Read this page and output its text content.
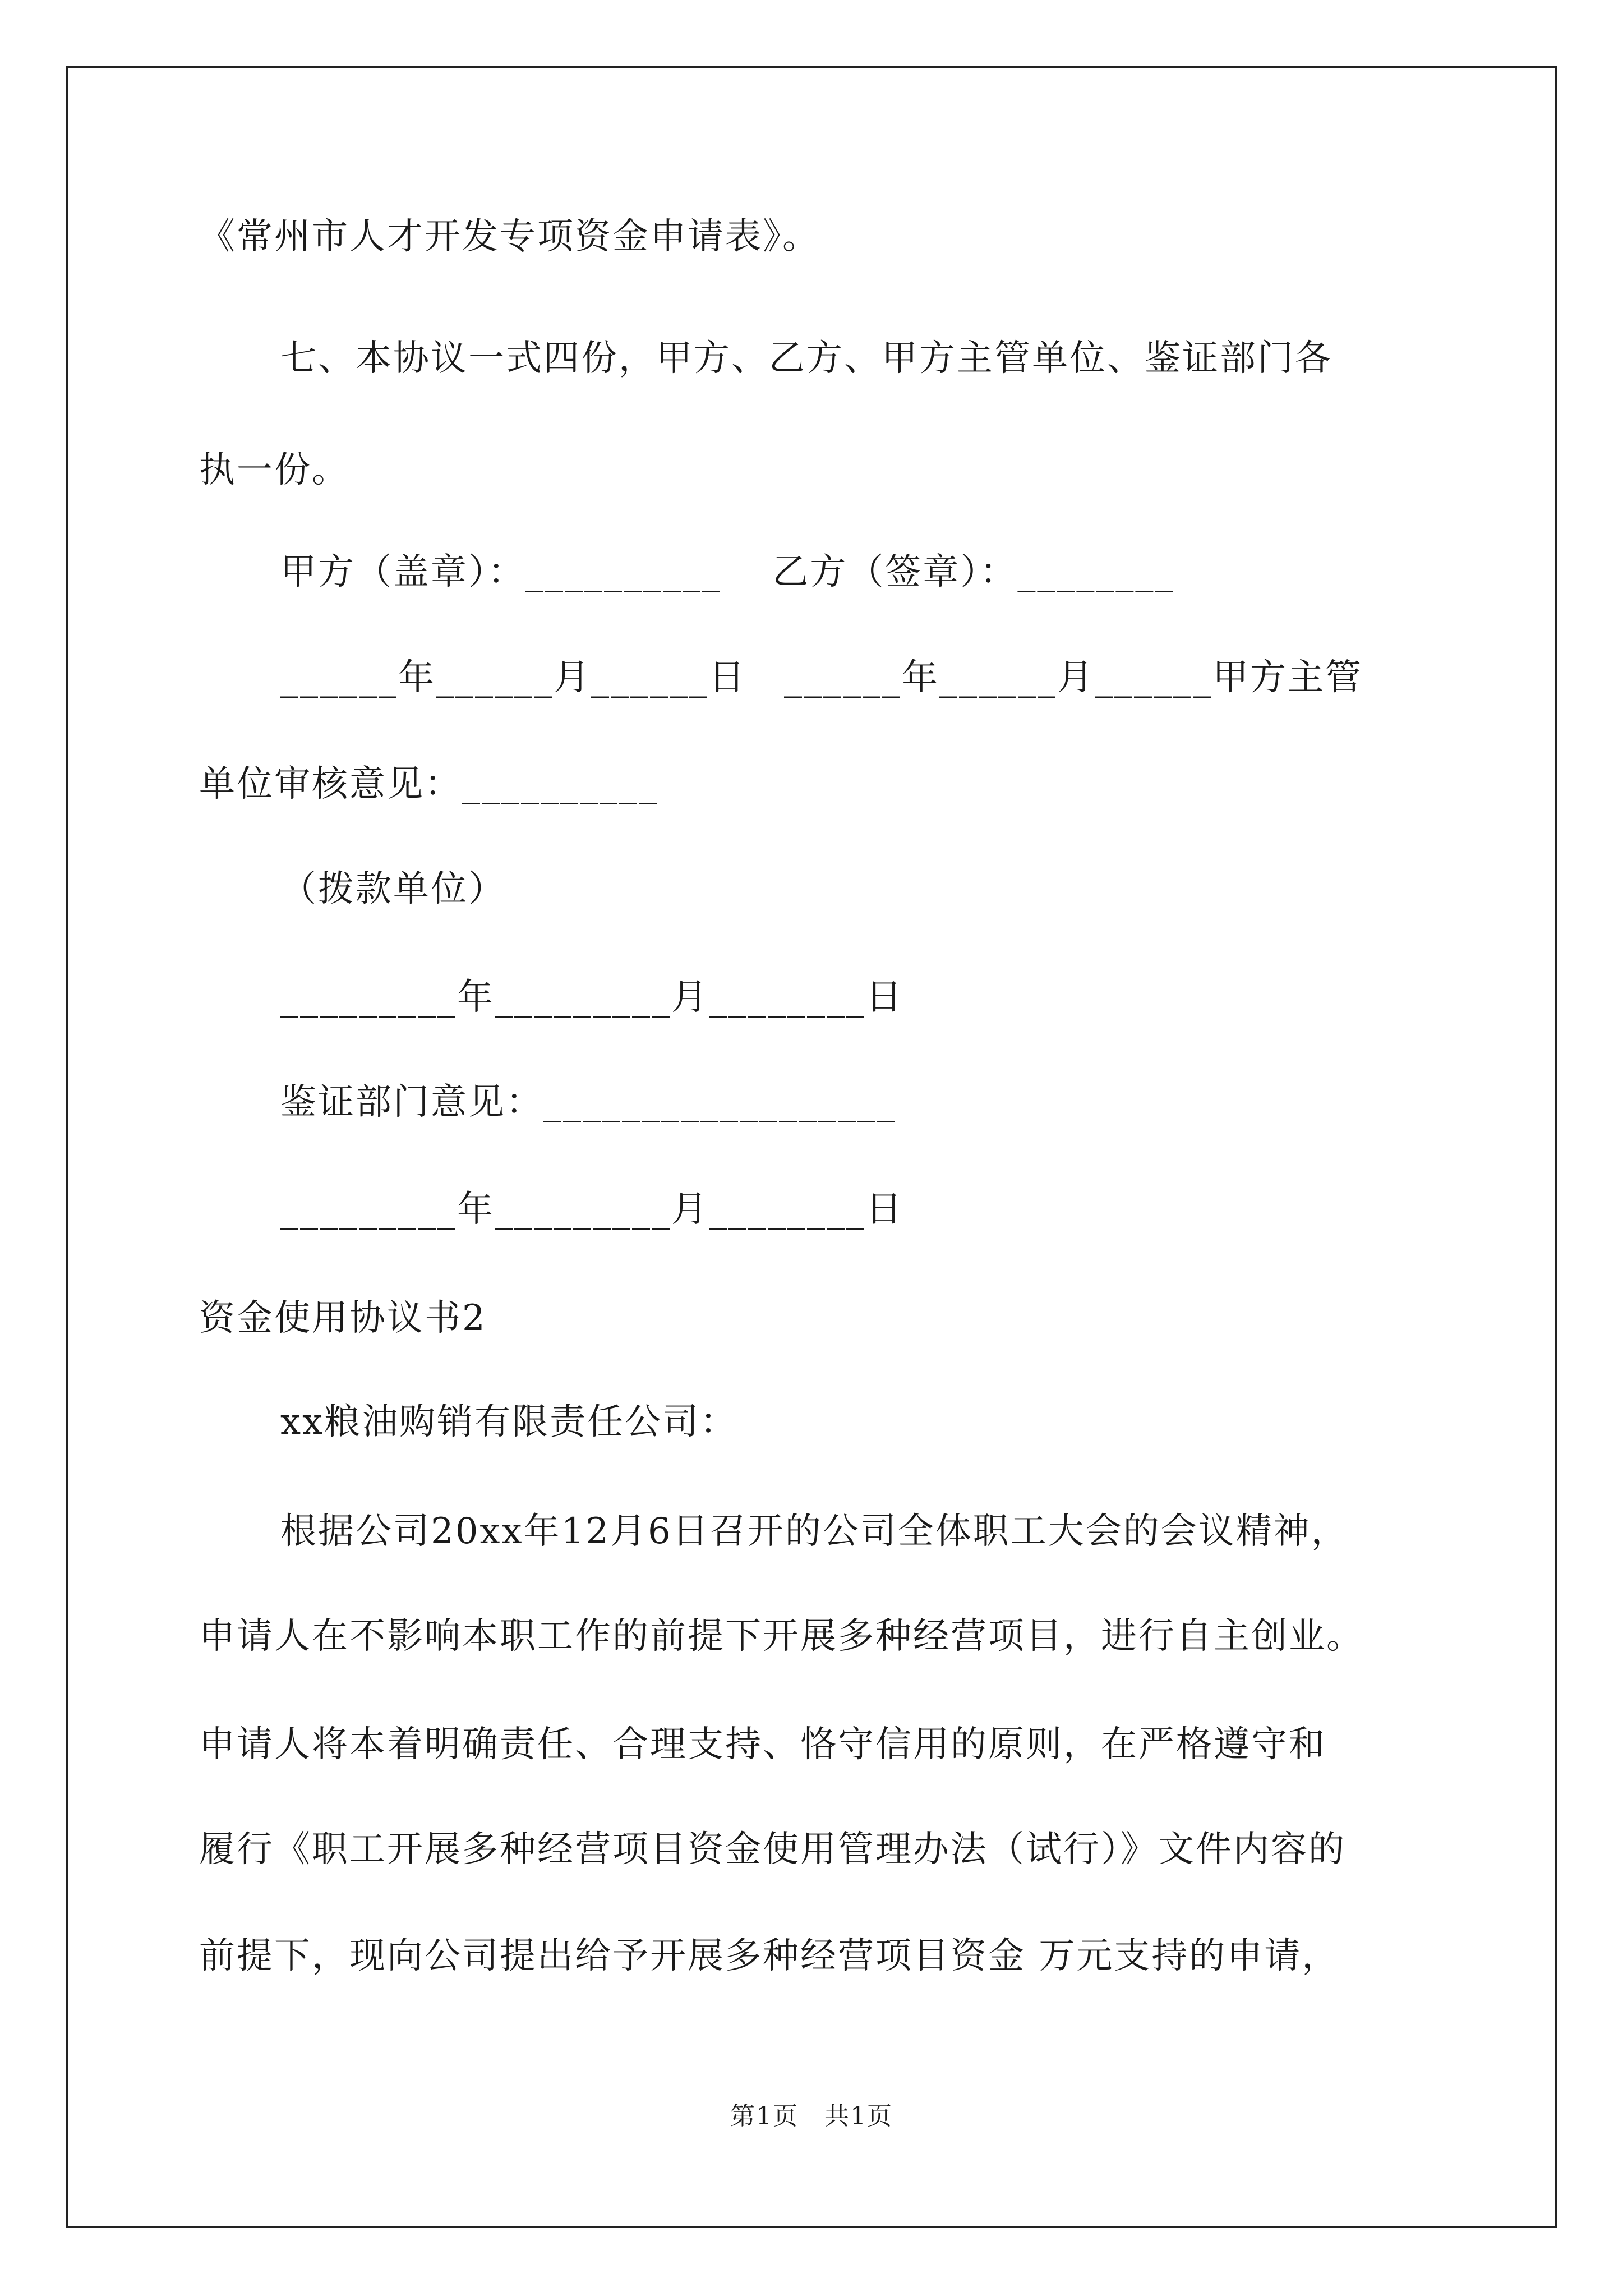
《常州市人才开发专项资金申请表》。
七、本协议一式四份，甲方、乙方、甲方主管单位、鉴证部门各
执一份。
甲方（盖章）：__________ 　乙方（签章）：________
______年______月______日　______年______月______甲方主管
单位审核意见：__________
（拨款单位）
_________年_________月________日
鉴证部门意见：__________________
_________年_________月________日
资金使用协议书2
xx粮油购销有限责任公司：
根据公司20xx年12月6日召开的公司全体职工大会的会议精神，
申请人在不影响本职工作的前提下开展多种经营项目，进行自主创业。
申请人将本着明确责任、合理支持、恪守信用的原则，在严格遵守和
履行《职工开展多种经营项目资金使用管理办法（试行）》文件内容的
前提下，现向公司提出给予开展多种经营项目资金 万元支持的申请，
第1页　共1页
